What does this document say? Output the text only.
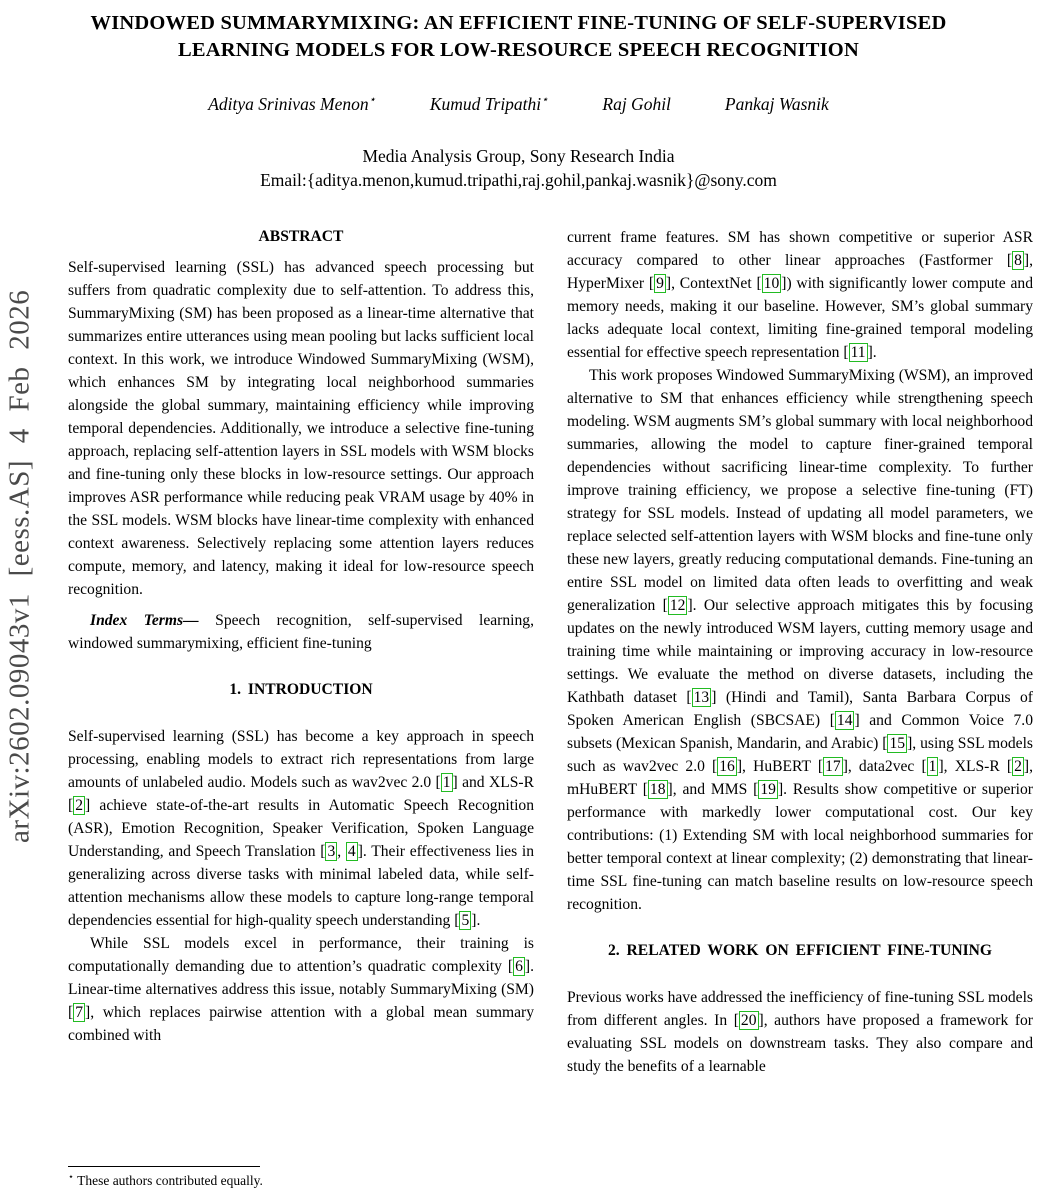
arXiv:2602.09043v1 [eess.AS] 4 Feb 2026
WINDOWED SUMMARYMIXING: AN EFFICIENT FINE-TUNING OF SELF-SUPERVISED LEARNING MODELS FOR LOW-RESOURCE SPEECH RECOGNITION
Aditya Srinivas Menon⋆	Kumud Tripathi⋆	Raj Gohil	Pankaj Wasnik
Media Analysis Group, Sony Research India
Email:{aditya.menon,kumud.tripathi,raj.gohil,pankaj.wasnik}@sony.com
ABSTRACT

Self-supervised learning (SSL) has advanced speech processing but suffers from quadratic complexity due to self-attention. To address this, SummaryMixing (SM) has been proposed as a linear-time alternative that summarizes entire utterances using mean pooling but lacks sufficient local context. In this work, we introduce Windowed SummaryMixing (WSM), which enhances SM by integrating local neighborhood summaries alongside the global summary, maintaining efficiency while improving temporal dependencies. Additionally, we introduce a selective fine-tuning approach, replacing self-attention layers in SSL models with WSM blocks and fine-tuning only these blocks in low-resource settings. Our approach improves ASR performance while reducing peak VRAM usage by 40% in the SSL models. WSM blocks have linear-time complexity with enhanced context awareness. Selectively replacing some attention layers reduces compute, memory, and latency, making it ideal for low-resource speech recognition.

Index Terms— Speech recognition, self-supervised learning, windowed summarymixing, efficient fine-tuning

1. INTRODUCTION

Self-supervised learning (SSL) has become a key approach in speech processing, enabling models to extract rich representations from large amounts of unlabeled audio. Models such as wav2vec 2.0 [ 1 ] and XLS-R [ 2 ] achieve state-of-the-art results in Automatic Speech Recognition (ASR), Emotion Recognition, Speaker Verification, Spoken Language Understanding, and Speech Translation [ 3 , 4 ]. Their effectiveness lies in generalizing across diverse tasks with minimal labeled data, while self-attention mechanisms allow these models to capture long-range temporal dependencies essential for high-quality speech understanding [ 5 ].

While SSL models excel in performance, their training is computationally demanding due to attention’s quadratic complexity [ 6 ]. Linear-time alternatives address this issue, notably SummaryMixing (SM) [ 7 ], which replaces pairwise attention with a global mean summary combined with

current frame features. SM has shown competitive or superior ASR accuracy compared to other linear approaches (Fastformer [ 8 ], HyperMixer [ 9 ], ContextNet [ 10 ]) with significantly lower compute and memory needs, making it our baseline. However, SM’s global summary lacks adequate local context, limiting fine-grained temporal modeling essential for effective speech representation [ 11 ].

This work proposes Windowed SummaryMixing (WSM), an improved alternative to SM that enhances efficiency while strengthening speech modeling. WSM augments SM’s global summary with local neighborhood summaries, allowing the model to capture finer-grained temporal dependencies without sacrificing linear-time complexity. To further improve training efficiency, we propose a selective fine-tuning (FT) strategy for SSL models. Instead of updating all model parameters, we replace selected self-attention layers with WSM blocks and fine-tune only these new layers, greatly reducing computational demands. Fine-tuning an entire SSL model on limited data often leads to overfitting and weak generalization [ 12 ]. Our selective approach mitigates this by focusing updates on the newly introduced WSM layers, cutting memory usage and training time while maintaining or improving accuracy in low-resource settings. We evaluate the method on diverse datasets, including the Kathbath dataset [ 13 ] (Hindi and Tamil), Santa Barbara Corpus of Spoken American English (SBCSAE) [ 14 ] and Common Voice 7.0 subsets (Mexican Spanish, Mandarin, and Arabic) [ 15 ], using SSL models such as wav2vec 2.0 [ 16 ], HuBERT [ 17 ], data2vec [ 1 ], XLS-R [ 2 ], mHuBERT [ 18 ], and MMS [ 19 ]. Results show competitive or superior performance with markedly lower computational cost. Our key contributions: (1) Extending SM with local neighborhood summaries for better temporal context at linear complexity; (2) demonstrating that linear-time SSL fine-tuning can match baseline results on low-resource speech recognition.

2. RELATED WORK ON EFFICIENT FINE-TUNING

Previous works have addressed the inefficiency of fine-tuning SSL models from different angles. In [ 20 ], authors have proposed a framework for evaluating SSL models on downstream tasks. They also compare and study the benefits of a learnable

⋆ These authors contributed equally.
